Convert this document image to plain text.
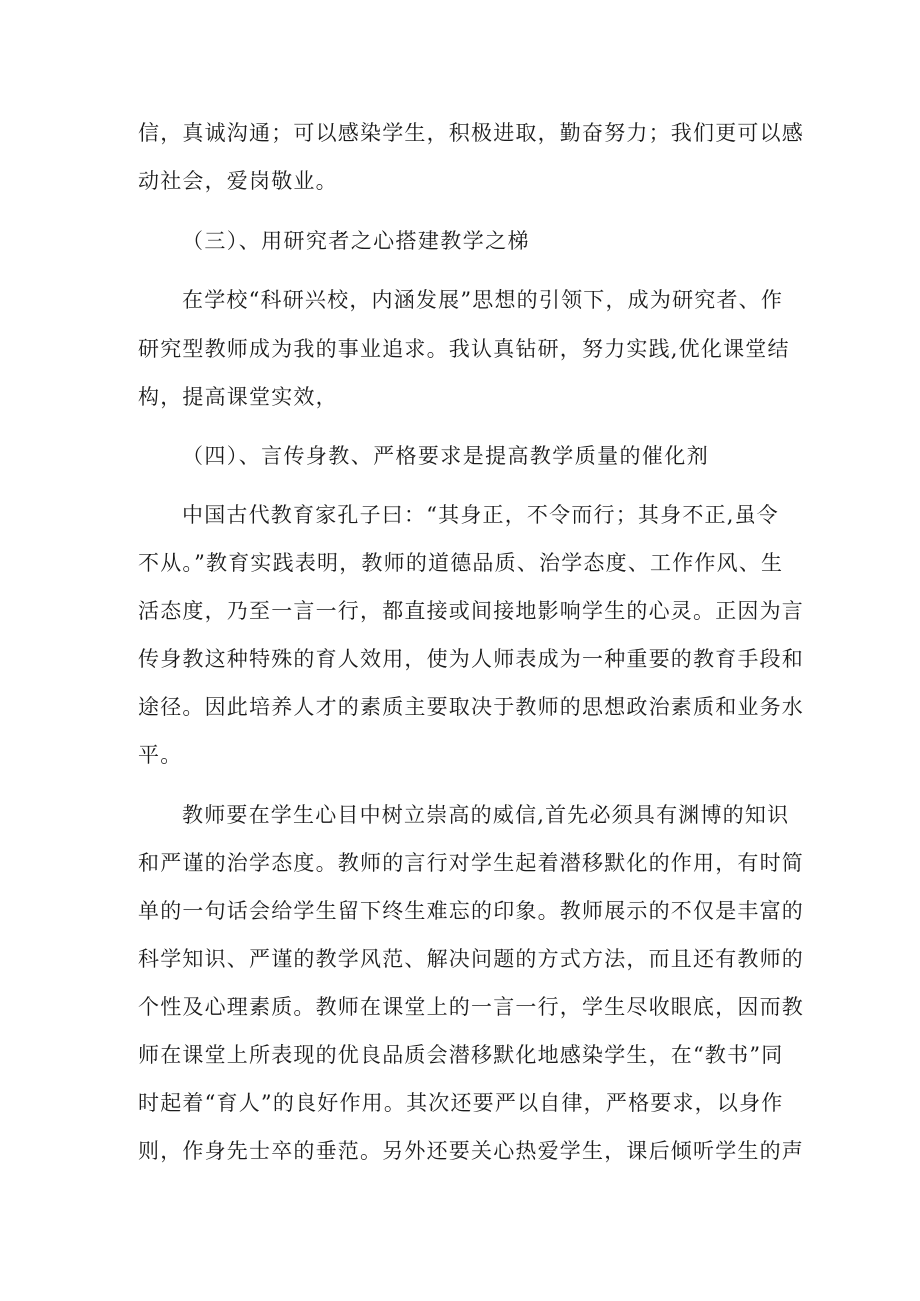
信，真诚沟通；可以感染学生，积极进取，勤奋努力；我们更可以感
动社会，爱岗敬业。
（三）、用研究者之心搭建教学之梯
在学校“科研兴校，内涵发展”思想的引领下，成为研究者、作
研究型教师成为我的事业追求。我认真钻研，努力实践,优化课堂结
构，提高课堂实效，
（四）、言传身教、严格要求是提高教学质量的催化剂
中国古代教育家孔子曰：“其身正，不令而行；其身不正,虽令
不从。”教育实践表明，教师的道德品质、治学态度、工作作风、生
活态度，乃至一言一行，都直接或间接地影响学生的心灵。正因为言
传身教这种特殊的育人效用，使为人师表成为一种重要的教育手段和
途径。因此培养人才的素质主要取决于教师的思想政治素质和业务水
平。
教师要在学生心目中树立崇高的威信,首先必须具有渊博的知识
和严谨的治学态度。教师的言行对学生起着潜移默化的作用，有时简
单的一句话会给学生留下终生难忘的印象。教师展示的不仅是丰富的
科学知识、严谨的教学风范、解决问题的方式方法，而且还有教师的
个性及心理素质。教师在课堂上的一言一行，学生尽收眼底，因而教
师在课堂上所表现的优良品质会潜移默化地感染学生，在“教书”同
时起着“育人”的良好作用。其次还要严以自律，严格要求，以身作
则，作身先士卒的垂范。另外还要关心热爱学生，课后倾听学生的声
